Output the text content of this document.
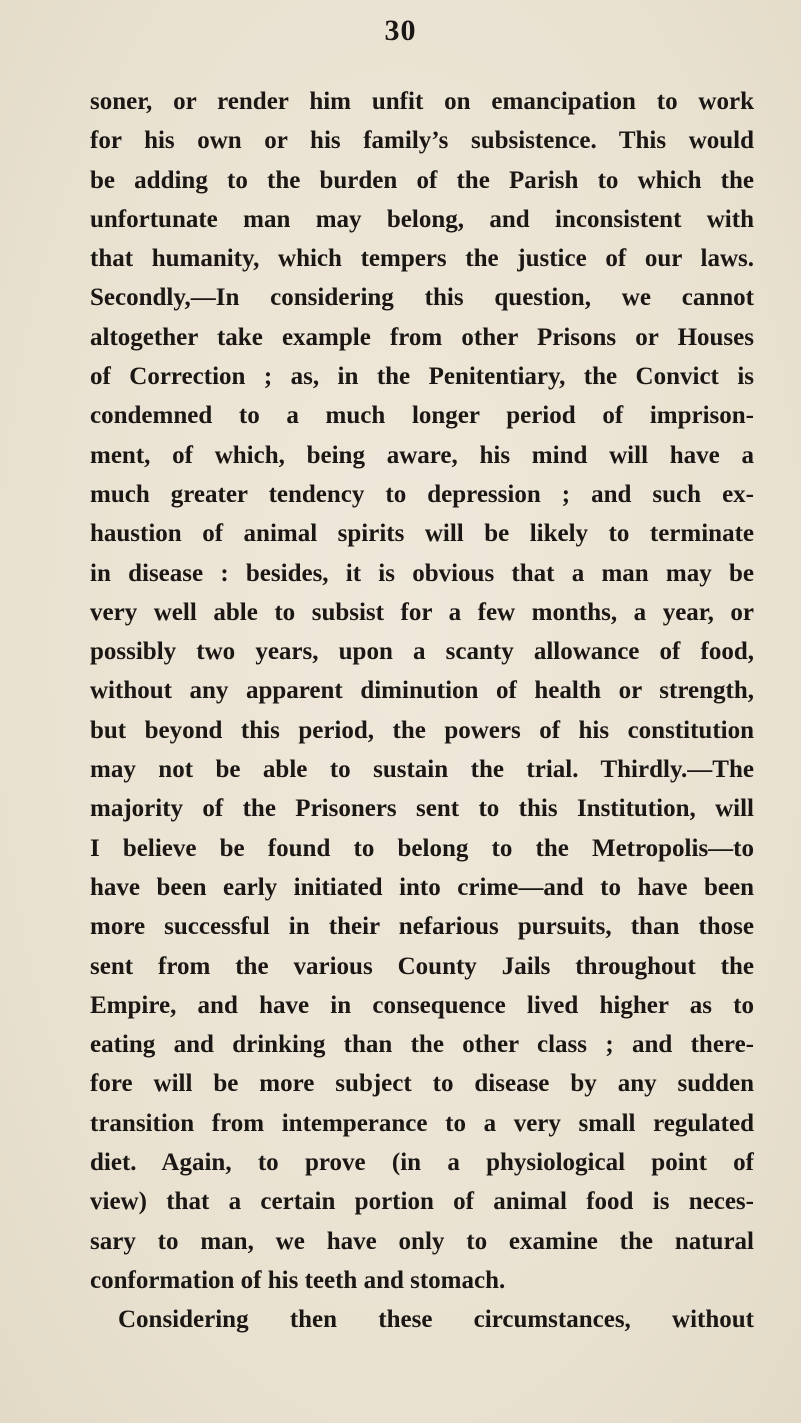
30
soner, or render him unfit on emancipation to work
for his own or his family’s subsistence. This would
be adding to the burden of the Parish to which the
unfortunate man may belong, and inconsistent with
that humanity, which tempers the justice of our laws.
Secondly,—In considering this question, we cannot
altogether take example from other Prisons or Houses
of Correction ; as, in the Penitentiary, the Convict is
condemned to a much longer period of imprison-
ment, of which, being aware, his mind will have a
much greater tendency to depression ; and such ex-
haustion of animal spirits will be likely to terminate
in disease : besides, it is obvious that a man may be
very well able to subsist for a few months, a year, or
possibly two years, upon a scanty allowance of food,
without any apparent diminution of health or strength,
but beyond this period, the powers of his constitution
may not be able to sustain the trial. Thirdly.—The
majority of the Prisoners sent to this Institution, will
I believe be found to belong to the Metropolis—to
have been early initiated into crime—and to have been
more successful in their nefarious pursuits, than those
sent from the various County Jails throughout the
Empire, and have in consequence lived higher as to
eating and drinking than the other class ; and there-
fore will be more subject to disease by any sudden
transition from intemperance to a very small regulated
diet. Again, to prove (in a physiological point of
view) that a certain portion of animal food is neces-
sary to man, we have only to examine the natural
conformation of his teeth and stomach.
Considering then these circumstances, without
